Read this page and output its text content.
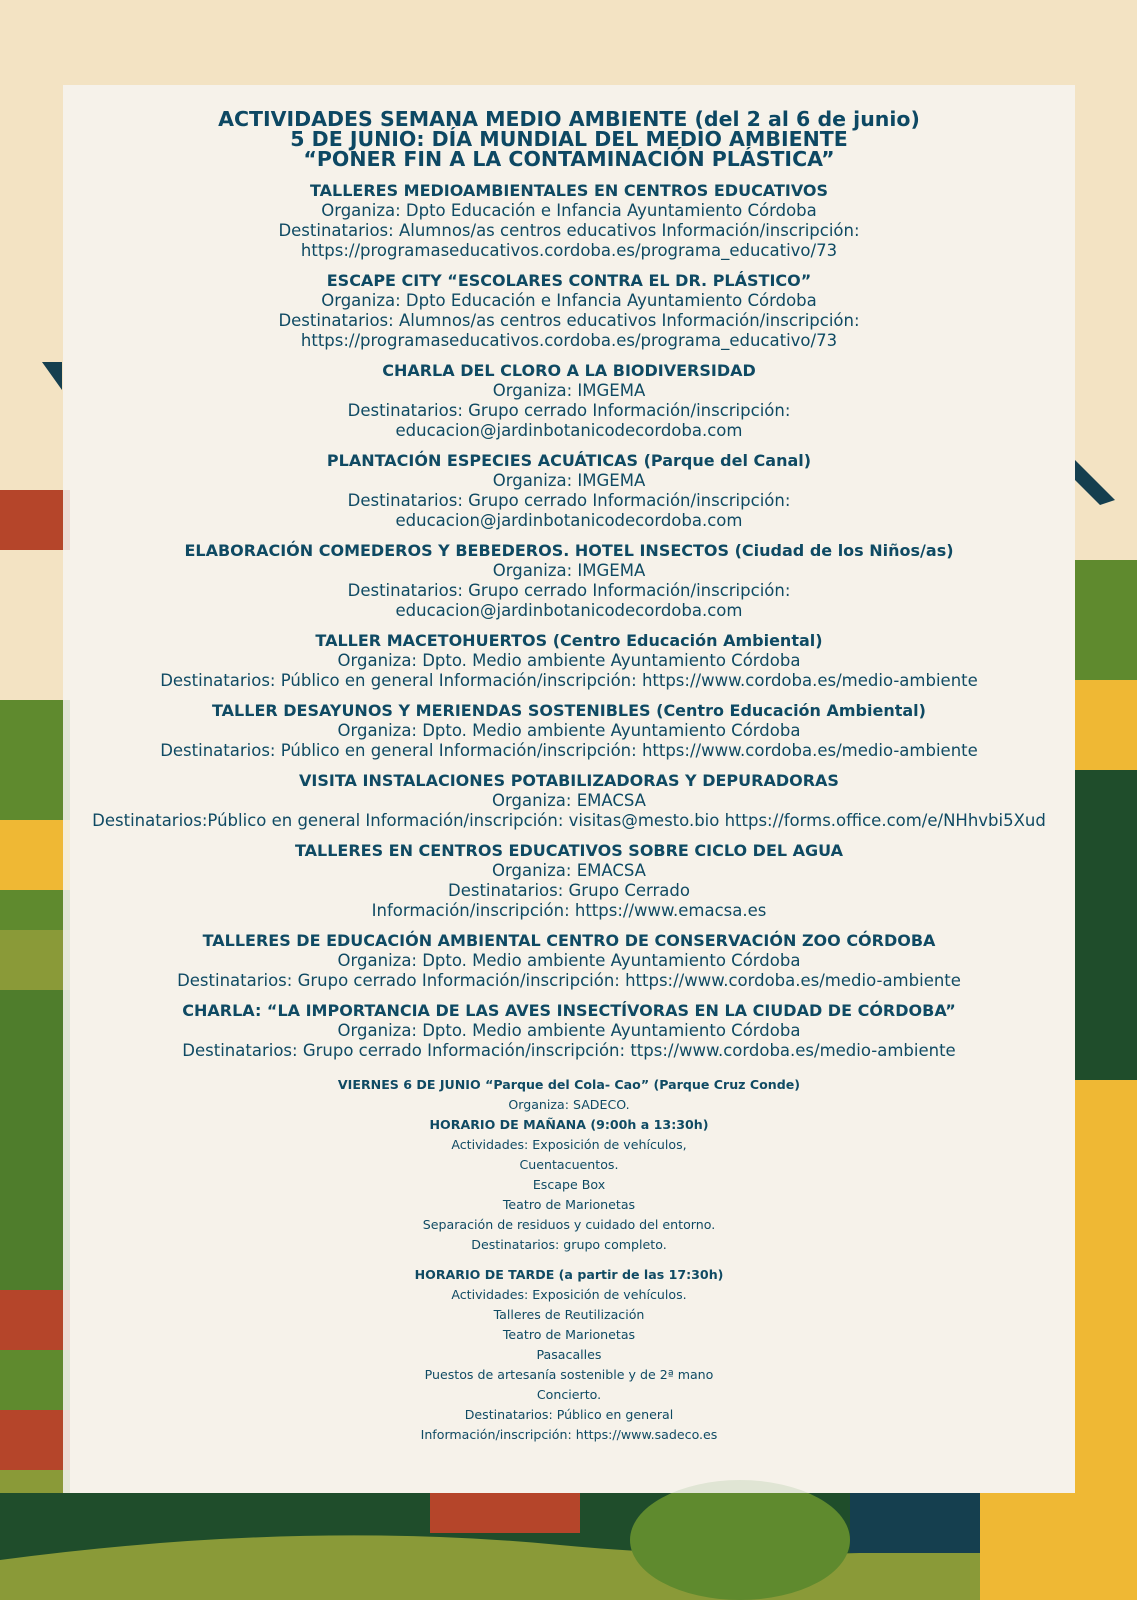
ACTIVIDADES SEMANA MEDIO AMBIENTE (del 2 al 6 de junio)
5 DE JUNIO: DÍA MUNDIAL DEL MEDIO AMBIENTE
“PONER FIN A LA CONTAMINACIÓN PLÁSTICA”
TALLERES MEDIOAMBIENTALES EN CENTROS EDUCATIVOS
Organiza: Dpto Educación e Infancia Ayuntamiento Córdoba
Destinatarios: Alumnos/as centros educativos Información/inscripción:
https://programaseducativos.cordoba.es/programa_educativo/73
ESCAPE CITY “ESCOLARES CONTRA EL DR. PLÁSTICO”
Organiza: Dpto Educación e Infancia Ayuntamiento Córdoba
Destinatarios: Alumnos/as centros educativos Información/inscripción:
https://programaseducativos.cordoba.es/programa_educativo/73
CHARLA DEL CLORO A LA BIODIVERSIDAD
Organiza: IMGEMA
Destinatarios: Grupo cerrado Información/inscripción:
educacion@jardinbotanicodecordoba.com
PLANTACIÓN ESPECIES ACUÁTICAS (Parque del Canal)
Organiza: IMGEMA
Destinatarios: Grupo cerrado Información/inscripción:
educacion@jardinbotanicodecordoba.com
ELABORACIÓN COMEDEROS Y BEBEDEROS. HOTEL INSECTOS (Ciudad de los Niños/as)
Organiza: IMGEMA
Destinatarios: Grupo cerrado Información/inscripción:
educacion@jardinbotanicodecordoba.com
TALLER MACETOHUERTOS (Centro Educación Ambiental)
Organiza: Dpto. Medio ambiente Ayuntamiento Córdoba
Destinatarios: Público en general Información/inscripción: https://www.cordoba.es/medio-ambiente
TALLER DESAYUNOS Y MERIENDAS SOSTENIBLES (Centro Educación Ambiental)
Organiza: Dpto. Medio ambiente Ayuntamiento Córdoba
Destinatarios: Público en general Información/inscripción: https://www.cordoba.es/medio-ambiente
VISITA INSTALACIONES POTABILIZADORAS Y DEPURADORAS
Organiza: EMACSA
Destinatarios:Público en general Información/inscripción: visitas@mesto.bio https://forms.office.com/e/NHhvbi5Xud
TALLERES EN CENTROS EDUCATIVOS SOBRE CICLO DEL AGUA
Organiza: EMACSA
Destinatarios: Grupo Cerrado
Información/inscripción: https://www.emacsa.es
TALLERES DE EDUCACIÓN AMBIENTAL CENTRO DE CONSERVACIÓN ZOO CÓRDOBA
Organiza: Dpto. Medio ambiente Ayuntamiento Córdoba
Destinatarios: Grupo cerrado Información/inscripción: https://www.cordoba.es/medio-ambiente
CHARLA: “LA IMPORTANCIA DE LAS AVES INSECTÍVORAS EN LA CIUDAD DE CÓRDOBA”
Organiza: Dpto. Medio ambiente Ayuntamiento Córdoba
Destinatarios: Grupo cerrado Información/inscripción: ttps://www.cordoba.es/medio-ambiente
VIERNES 6 DE JUNIO “Parque del Cola- Cao” (Parque Cruz Conde)
Organiza: SADECO.
HORARIO DE MAÑANA (9:00h a 13:30h)
Actividades: Exposición de vehículos,
Cuentacuentos.
Escape Box
Teatro de Marionetas
Separación de residuos y cuidado del entorno.
Destinatarios: grupo completo.
HORARIO DE TARDE (a partir de las 17:30h)
Actividades: Exposición de vehículos.
Talleres de Reutilización
Teatro de Marionetas
Pasacalles
Puestos de artesanía sostenible y de 2ª mano
Concierto.
Destinatarios: Público en general
Información/inscripción: https://www.sadeco.es
